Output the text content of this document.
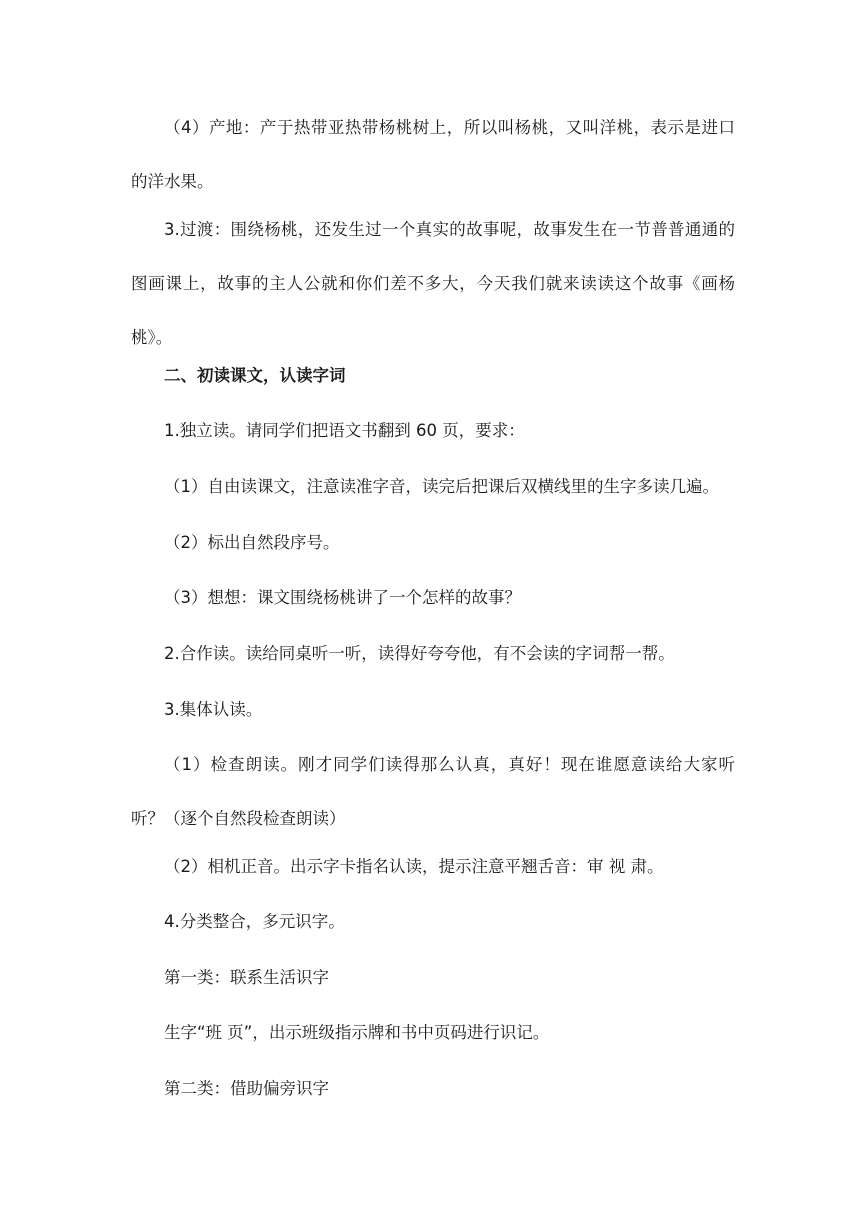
（4）产地：产于热带亚热带杨桃树上，所以叫杨桃，又叫洋桃，表示是进口的洋水果。

3.过渡：围绕杨桃，还发生过一个真实的故事呢，故事发生在一节普普通通的图画课上，故事的主人公就和你们差不多大，今天我们就来读读这个故事《画杨桃》。

二、初读课文，认读字词

1.独立读。请同学们把语文书翻到 60 页，要求：

（1）自由读课文，注意读准字音，读完后把课后双横线里的生字多读几遍。

（2）标出自然段序号。

（3）想想：课文围绕杨桃讲了一个怎样的故事？

2.合作读。读给同桌听一听，读得好夸夸他，有不会读的字词帮一帮。

3.集体认读。

（1）检查朗读。刚才同学们读得那么认真，真好！现在谁愿意读给大家听听？（逐个自然段检查朗读）

（2）相机正音。出示字卡指名认读，提示注意平翘舌音：审 视 肃。

4.分类整合，多元识字。

第一类：联系生活识字

生字“班 页”，出示班级指示牌和书中页码进行识记。

第二类：借助偏旁识字
